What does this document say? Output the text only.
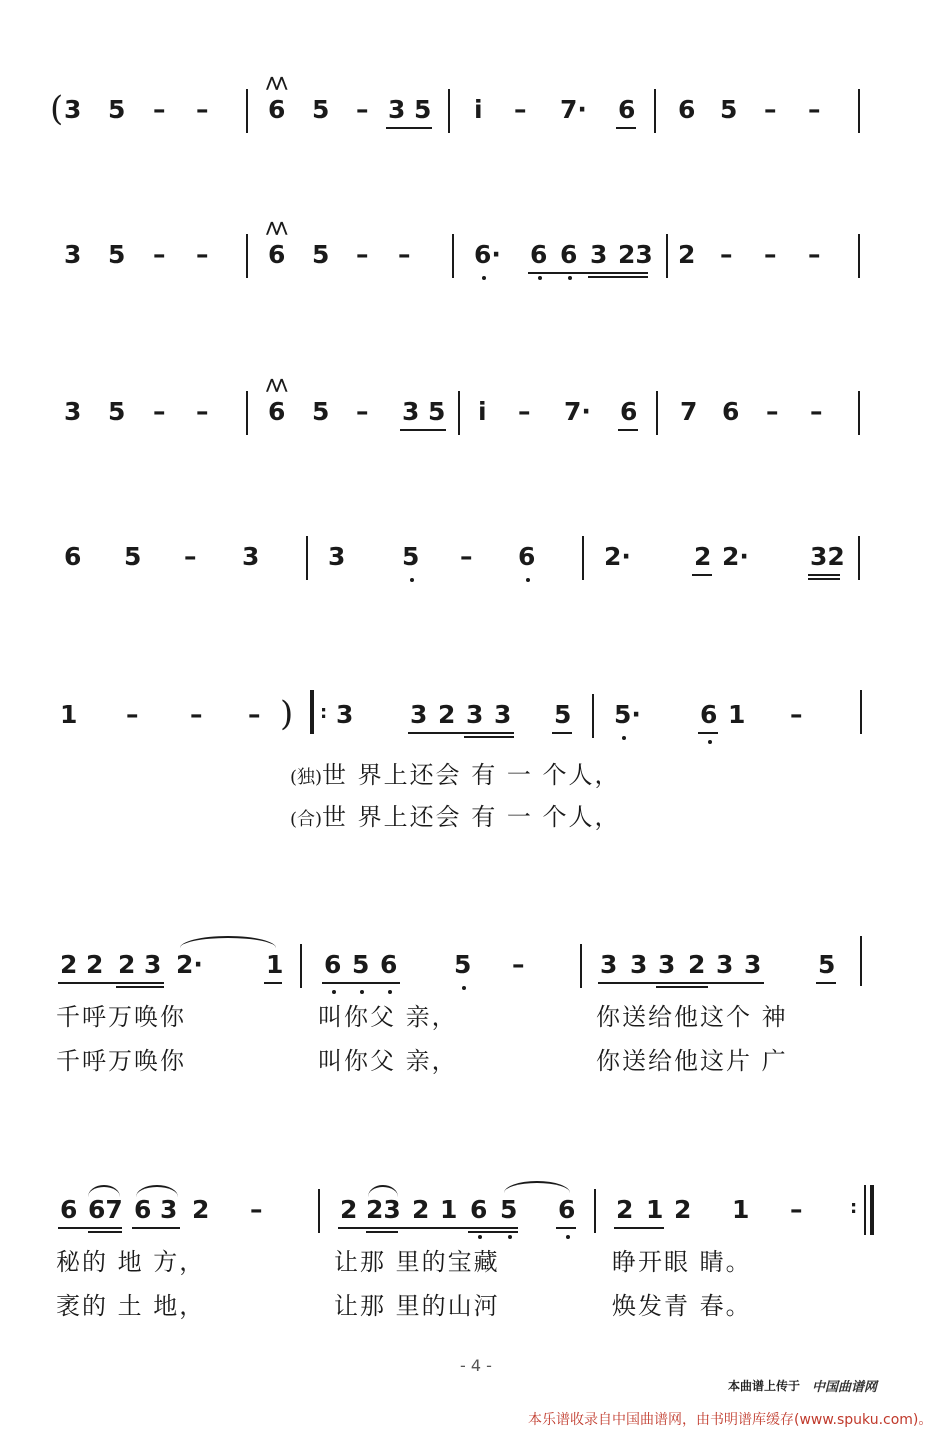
( 3 5 – –
⋀⋀
6 5 – 3 5 i – 7· 6 6 5 – –
3 5 – –
⋀⋀
6 5 – –	6· 6 6 3 23 2 – – –
3 5 – –
⋀⋀
6 5 – 3 5 i – 7· 6 7 6 – –
6 5 – 3	3 5 – 6	2·	2 2· 32
1 – – – ) : 3 3 2 3 3 5 5· 6 1 –
(独)世 界上还会 有 一 个人，
(合)世 界上还会 有 一 个人，
2 2 2 3 2·	1 6 5 6 5 –	3 3 3 2 3 3 5
千呼万唤你	叫你父 亲，	你送给他这个 神
千呼万唤你	叫你父 亲，	你送给他这片 广
6 67 6 3 2 –	2 23 2 1 6 5 6 2 1 2 1 –	:
秘的 地 方，	让那 里的宝藏	睁开眼 睛。
袤的 土 地，	让那 里的山河	焕发青 春。
- 4 -
本曲谱上传于 中国曲谱网
本乐谱收录自中国曲谱网，由书明谱库缓存(www.spuku.com)。
